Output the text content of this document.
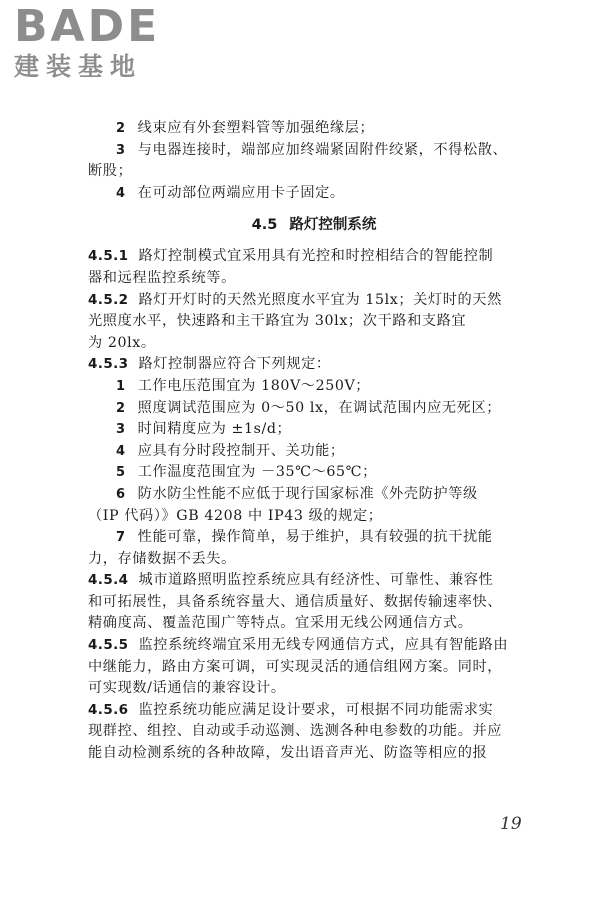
BADE
建装基地

2 线束应有外套塑料管等加强绝缘层；

3 与电器连接时，端部应加终端紧固附件绞紧，不得松散、

断股；

4 在可动部位两端应用卡子固定。

4.5 路灯控制系统

4.5.1 路灯控制模式宜采用具有光控和时控相结合的智能控制

器和远程监控系统等。

4.5.2 路灯开灯时的天然光照度水平宜为 15lx；关灯时的天然

光照度水平，快速路和主干路宜为 30lx；次干路和支路宜

为 20lx。

4.5.3 路灯控制器应符合下列规定：

1 工作电压范围宜为 180V～250V；

2 照度调试范围应为 0～50 lx，在调试范围内应无死区；

3 时间精度应为 ±1s/d；

4 应具有分时段控制开、关功能；

5 工作温度范围宜为 －35℃～65℃；

6 防水防尘性能不应低于现行国家标准《外壳防护等级

（IP 代码）》GB 4208 中 IP43 级的规定；

7 性能可靠，操作简单，易于维护，具有较强的抗干扰能

力，存储数据不丢失。

4.5.4 城市道路照明监控系统应具有经济性、可靠性、兼容性

和可拓展性，具备系统容量大、通信质量好、数据传输速率快、

精确度高、覆盖范围广等特点。宜采用无线公网通信方式。

4.5.5 监控系统终端宜采用无线专网通信方式，应具有智能路由

中继能力，路由方案可调，可实现灵活的通信组网方案。同时，

可实现数/话通信的兼容设计。

4.5.6 监控系统功能应满足设计要求，可根据不同功能需求实

现群控、组控、自动或手动巡测、选测各种电参数的功能。并应

能自动检测系统的各种故障，发出语音声光、防盗等相应的报

19
